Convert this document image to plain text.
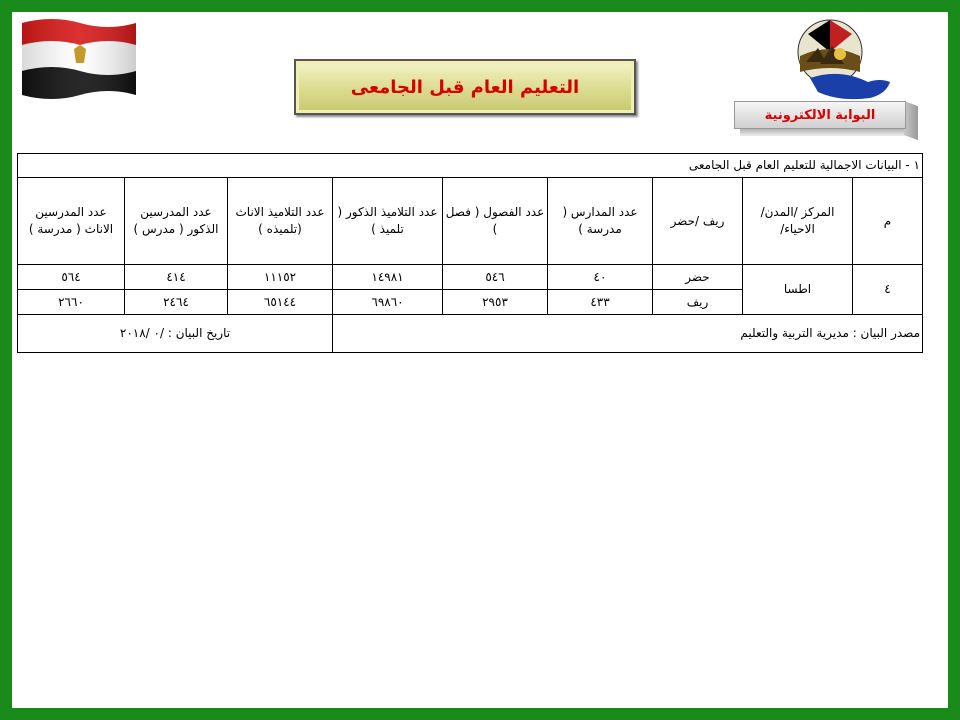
التعليم العام قبل الجامعى
البوابة الالكترونية
١ - البيانات الاجمالية للتعليم العام قبل الجامعى								
م	المركز /المدن/الاحياء/	ريف /حضر	عدد المدارس ( مدرسة )	عدد الفصول ( فصل )	عدد التلاميذ الذكور ( تلميذ )	عدد التلاميذ الاناث (تلميذه )	عدد المدرسين الذكور ( مدرس )	عدد المدرسين الاناث ( مدرسة )
٤	اطسا	حضر	٤٠	٥٤٦	١٤٩٨١	١١١٥٢	٤١٤	٥٦٤
		ريف	٤٣٣	٢٩٥٣	٦٩٨٦٠	٦٥١٤٤	٢٤٦٤	٢٦٦٠
مصدر البيان : مديرية التربية والتعليم						تاريخ البيان : /٠ /٢٠١٨		
